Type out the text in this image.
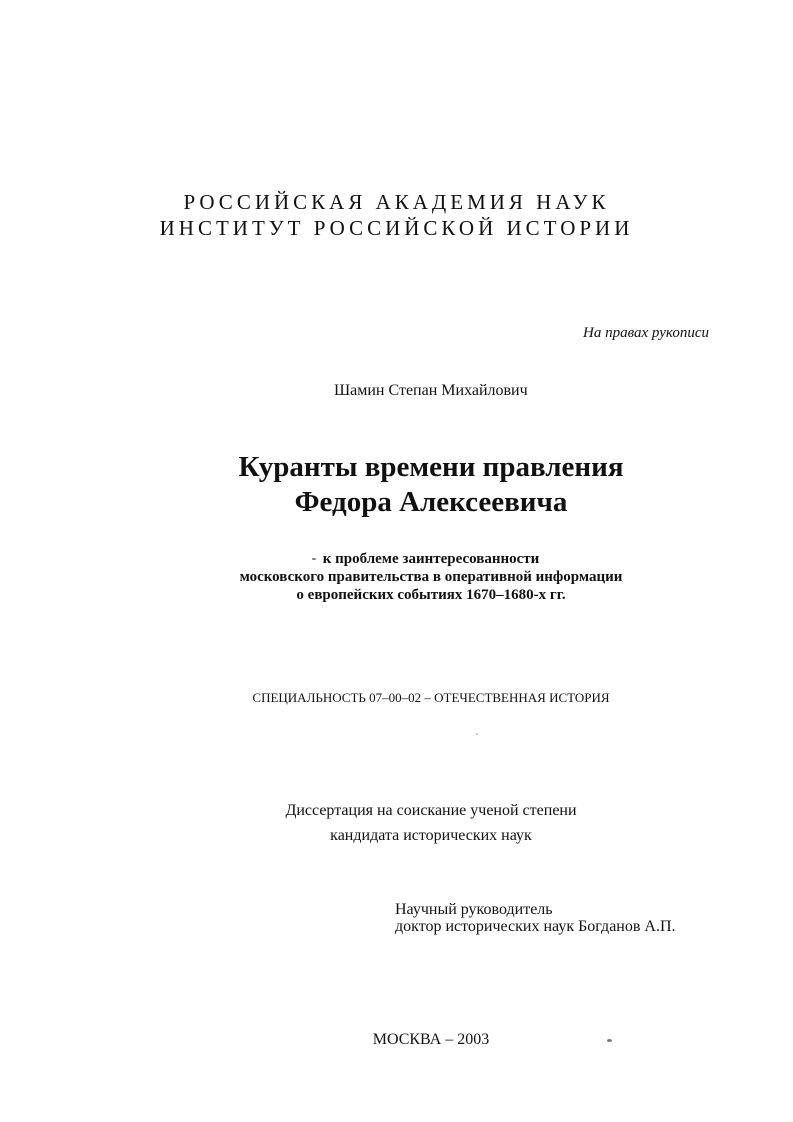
РОССИЙСКАЯ АКАДЕМИЯ НАУК

ИНСТИТУТ РОССИЙСКОЙ ИСТОРИИ

На правах рукописи

Шамин Степан Михайлович

Куранты времени правления
Федора Алексеевича

к проблеме заинтересованности

московского правительства в оперативной информации

о европейских событиях 1670–1680-х гг.

СПЕЦИАЛЬНОСТЬ 07–00–02 – ОТЕЧЕСТВЕННАЯ ИСТОРИЯ

Диссертация на соискание ученой степени

кандидата исторических наук

Научный руководитель

доктор исторических наук Богданов А.П.

МОСКВА – 2003
